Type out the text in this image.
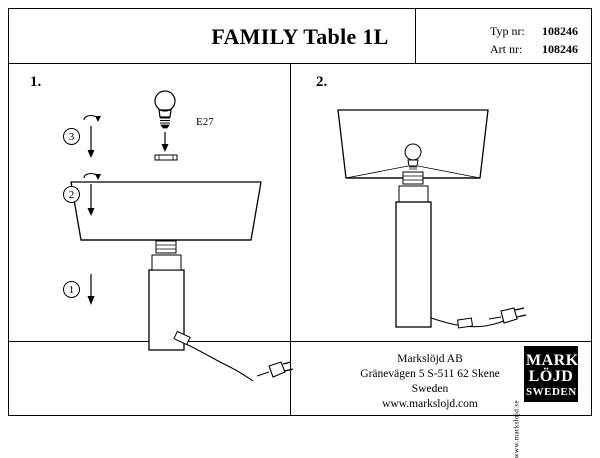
FAMILY Table 1L	Typ nr: 108246
Art nr: 108246
1.
3
2
1
E27
2.
Markslöjd AB
Gränevägen 5 S-511 62 Skene
Sweden
www.markslojd.com	www.markslojd.se
MARKS
LÖJD
SWEDEN
